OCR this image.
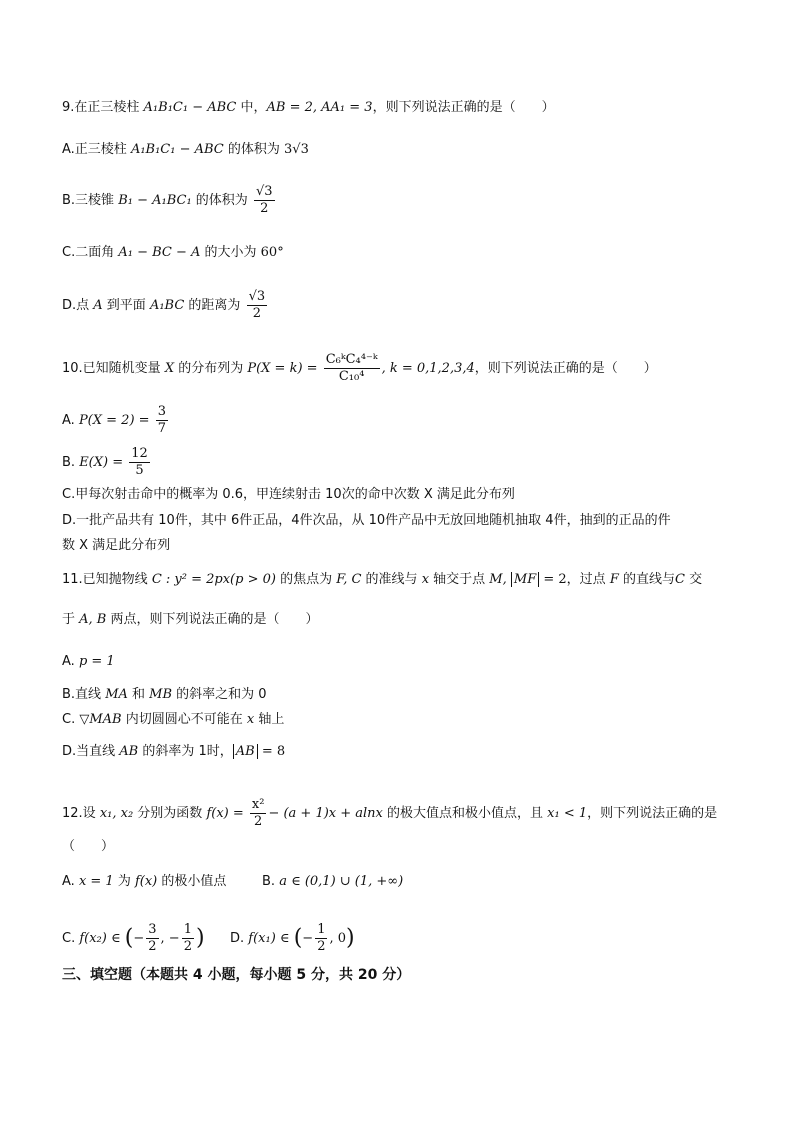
9.在正三棱柱 A₁B₁C₁ − ABC 中，AB = 2, AA₁ = 3，则下列说法正确的是（　　）
A.正三棱柱 A₁B₁C₁ − ABC 的体积为 3√3
B.三棱锥 B₁ − A₁BC₁ 的体积为 $\frac{√3}{2}$
C.二面角 A₁ − BC − A 的大小为 60°
D.点 A 到平面 A₁BC 的距离为 $\frac{√3}{2}$
10.已知随机变量 X 的分布列为 $P(X = k) = \frac{\text{C₆ᵏC₄⁴⁻ᵏ}}{\text{C₁₀⁴}}$ , k = 0,1,2,3,4，则下列说法正确的是（　　）
A. $P(X = 2) = \frac{3}{7}$
B. $E(X) = \frac{12}{5}$
C.甲每次射击命中的概率为 0.6，甲连续射击 10次的命中次数 X 满足此分布列
D.一批产品共有 10件，其中 6件正品，4件次品，从 10件产品中无放回地随机抽取 4件，抽到的正品的件
数 X 满足此分布列
11.已知抛物线 C : y² = 2px(p > 0) 的焦点为 F, C 的准线与 x 轴交于点 M, MF = 2，过点 F 的直线与C 交
于 A, B 两点，则下列说法正确的是（　　）
A. p = 1
B.直线 MA 和 MB 的斜率之和为 0
C. ▽MAB 内切圆圆心不可能在 x 轴上
D.当直线 AB 的斜率为 1时， AB = 8
12.设 x₁, x₂ 分别为函数 $f(x) = \frac{\text{x²}}{2} - (a + 1)x + alnx$ 的极大值点和极小值点，且 x₁ < 1，则下列说法正确的是
（　　）
A. x = 1 为 f(x) 的极小值点	B. a ∈ (0,1) ∪ (1, +∞)
C. f(x₂) ∈ (− $\frac{3}{2}$ , − $\frac{1}{2}$ ) D. f(x₁) ∈ (− $\frac{1}{2}$ , 0)
三、填空题（本题共 4 小题，每小题 5 分，共 20 分）
